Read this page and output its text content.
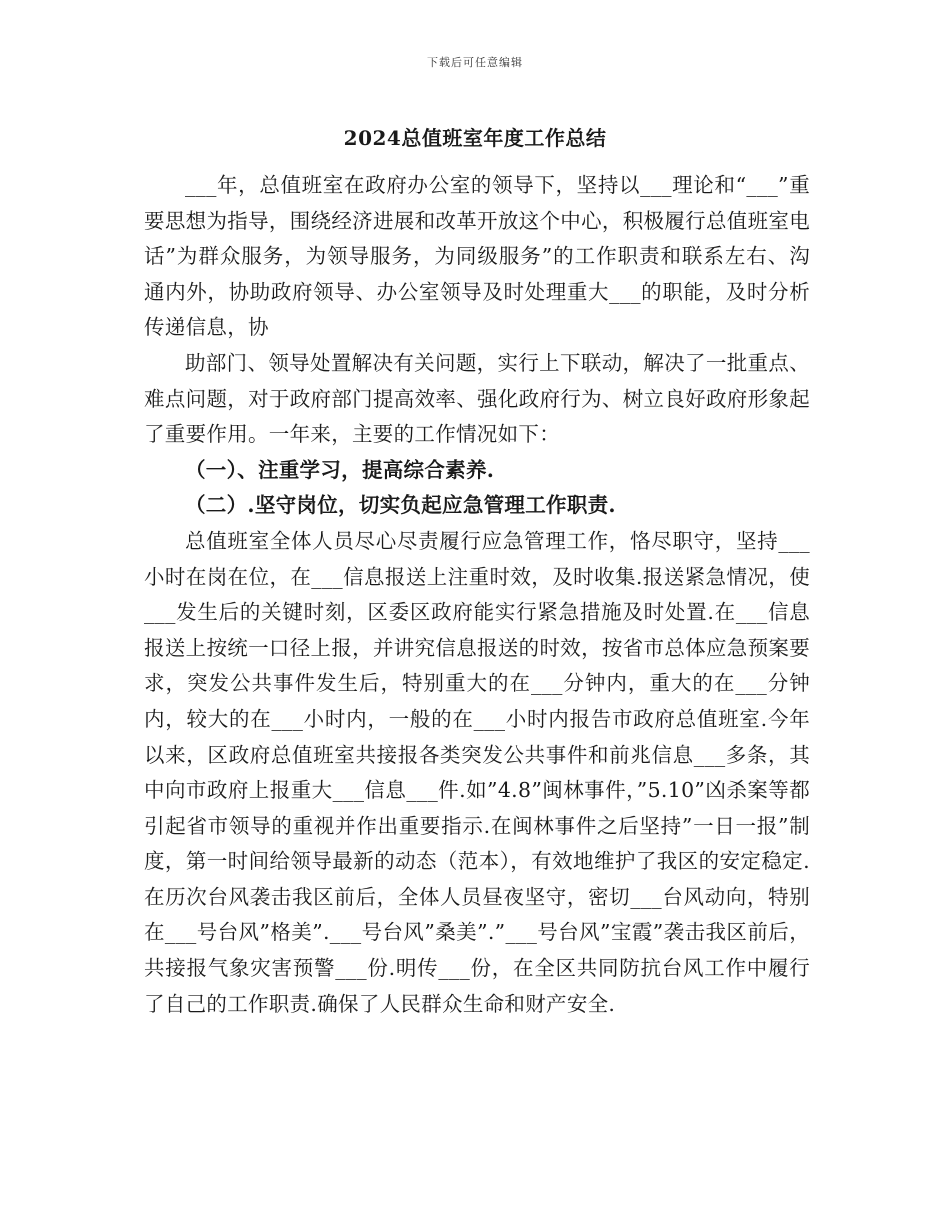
下载后可任意编辑
2024总值班室年度工作总结

___年，总值班室在政府办公室的领导下，坚持以___理论和“___”重要思想为指导，围绕经济进展和改革开放这个中心，积极履行总值班室电话”为群众服务，为领导服务，为同级服务”的工作职责和联系左右、沟通内外，协助政府领导、办公室领导及时处理重大___的职能，及时分析传递信息，协

助部门、领导处置解决有关问题，实行上下联动，解决了一批重点、难点问题，对于政府部门提高效率、强化政府行为、树立良好政府形象起了重要作用。一年来，主要的工作情况如下：

（一）、注重学习，提高综合素养.

（二）.坚守岗位，切实负起应急管理工作职责.

总值班室全体人员尽心尽责履行应急管理工作，恪尽职守，坚持___小时在岗在位，在___信息报送上注重时效，及时收集.报送紧急情况，使___发生后的关键时刻，区委区政府能实行紧急措施及时处置.在___信息报送上按统一口径上报，并讲究信息报送的时效，按省市总体应急预案要求，突发公共事件发生后，特别重大的在___分钟内，重大的在___分钟内，较大的在___小时内，一般的在___小时内报告市政府总值班室.今年以来，区政府总值班室共接报各类突发公共事件和前兆信息___多条，其中向市政府上报重大___信息___件.如”4.8”闽林事件，”5.10”凶杀案等都引起省市领导的重视并作出重要指示.在闽林事件之后坚持”一日一报”制度，第一时间给领导最新的动态（范本），有效地维护了我区的安定稳定.在历次台风袭击我区前后，全体人员昼夜坚守，密切___台风动向，特别在___号台风”格美”.___号台风”桑美”.”___号台风”宝霞”袭击我区前后，共接报气象灾害预警___份.明传___份，在全区共同防抗台风工作中履行了自己的工作职责.确保了人民群众生命和财产安全.
